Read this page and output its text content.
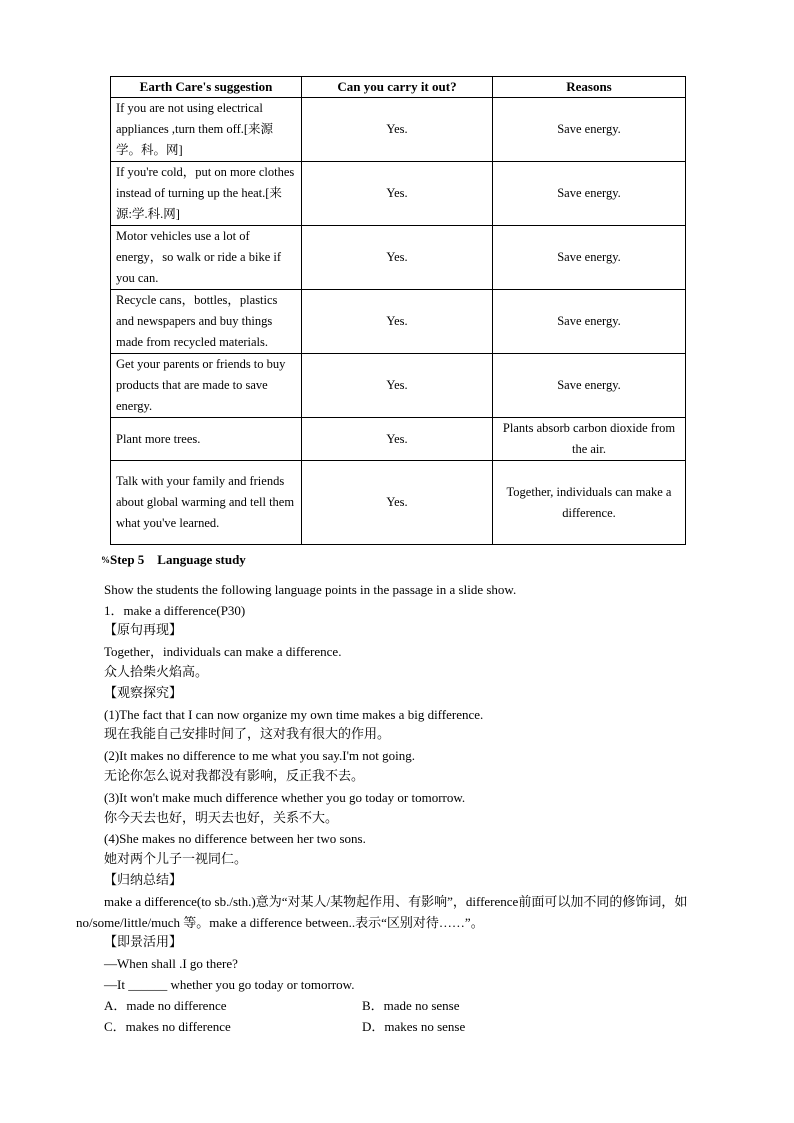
Earth Care's suggestion	Can you carry it out?	Reasons
If you are not using electrical appliances ,turn them off.[来源学。科。网]	Yes.	Save energy.
If you're cold，put on more clothes instead of turning up the heat.[来源:学.科.网]	Yes.	Save energy.
Motor vehicles use a lot of energy，so walk or ride a bike if you can.	Yes.	Save energy.
Recycle cans，bottles，plastics and newspapers and buy things made from recycled materials.	Yes.	Save energy.
Get your parents or friends to buy products that are made to save energy.	Yes.	Save energy.
Plant more trees.	Yes.	Plants absorb carbon dioxide from the air.
Talk with your family and friends about global warming and tell them what you've learned.	Yes.	Together, individuals can make a difference.
%Step 5　Language study
Show the students the following language points in the passage in a slide show.
1．make a difference(P30)
【原句再现】
Together，individuals can make a difference.
众人拾柴火焰高。
【观察探究】
(1)The fact that I can now organize my own time makes a big difference.
现在我能自己安排时间了，这对我有很大的作用。
(2)It makes no difference to me what you say.I'm not going.
无论你怎么说对我都没有影响，反正我不去。
(3)It won't make much difference whether you go today or tomorrow.
你今天去也好，明天去也好，关系不大。
(4)She makes no difference between her two sons.
她对两个儿子一视同仁。
【归纳总结】
make a difference(to sb./sth.)意为“对某人/某物起作用、有影响”，difference前面可以加不同的修饰词，如no/some/little/much 等。make a difference between..表示“区别对待……”。
【即景活用】
—When shall .I go there?
—It ______ whether you go today or tomorrow.
A．made no difference	B．made no sense
C．makes no difference	D．makes no sense
